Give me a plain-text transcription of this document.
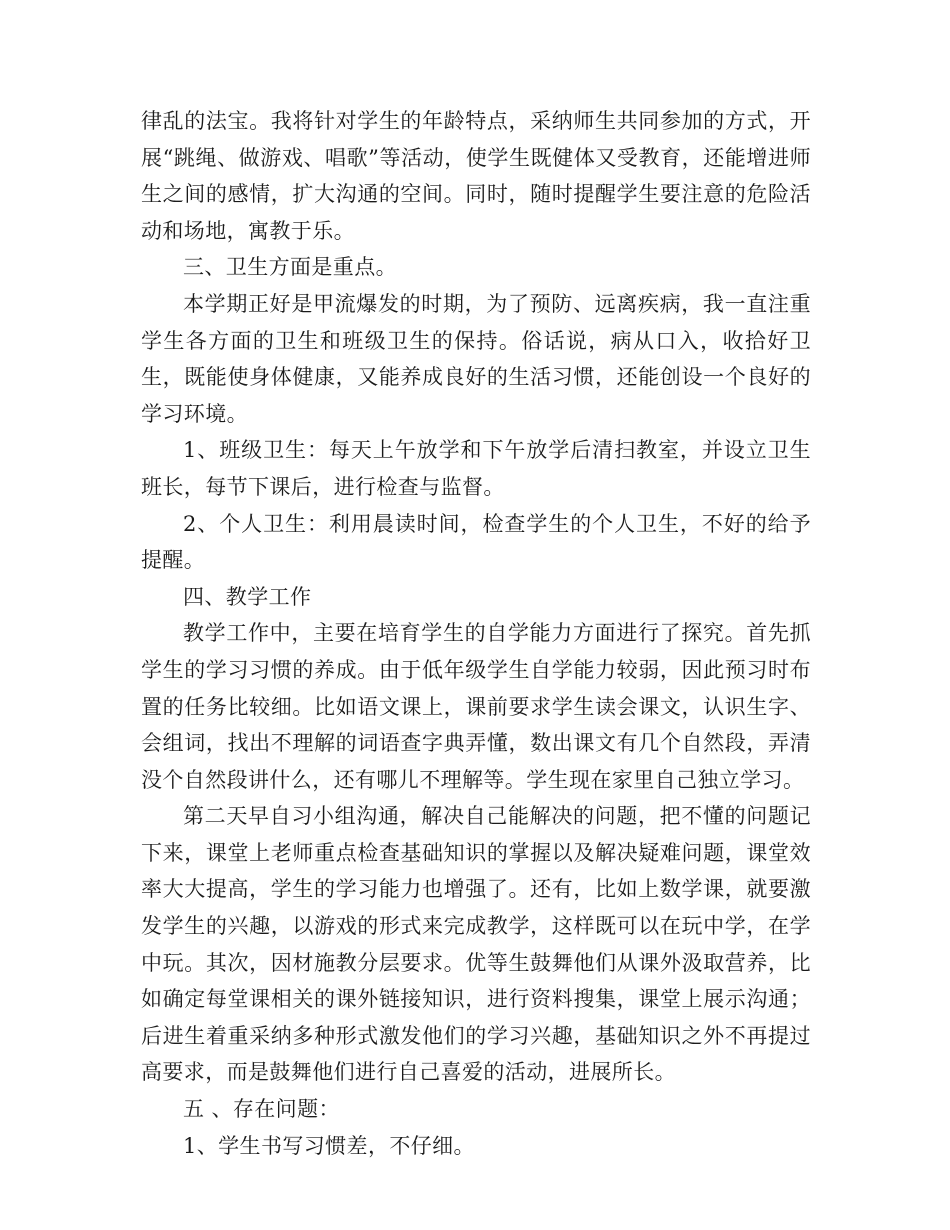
律乱的法宝。我将针对学生的年龄特点，采纳师生共同参加的方式，开展“跳绳、做游戏、唱歌”等活动，使学生既健体又受教育，还能增进师生之间的感情，扩大沟通的空间。同时，随时提醒学生要注意的危险活动和场地，寓教于乐。

三、卫生方面是重点。

本学期正好是甲流爆发的时期，为了预防、远离疾病，我一直注重学生各方面的卫生和班级卫生的保持。俗话说，病从口入，收拾好卫生，既能使身体健康，又能养成良好的生活习惯，还能创设一个良好的学习环境。

1、班级卫生：每天上午放学和下午放学后清扫教室，并设立卫生班长，每节下课后，进行检查与监督。

2、个人卫生：利用晨读时间，检查学生的个人卫生，不好的给予提醒。

四、教学工作

教学工作中，主要在培育学生的自学能力方面进行了探究。首先抓学生的学习习惯的养成。由于低年级学生自学能力较弱，因此预习时布置的任务比较细。比如语文课上，课前要求学生读会课文，认识生字、会组词，找出不理解的词语查字典弄懂，数出课文有几个自然段，弄清没个自然段讲什么，还有哪儿不理解等。学生现在家里自己独立学习。

第二天早自习小组沟通，解决自己能解决的问题，把不懂的问题记下来，课堂上老师重点检查基础知识的掌握以及解决疑难问题，课堂效率大大提高，学生的学习能力也增强了。还有，比如上数学课，就要激发学生的兴趣，以游戏的形式来完成教学，这样既可以在玩中学，在学中玩。其次，因材施教分层要求。优等生鼓舞他们从课外汲取营养，比如确定每堂课相关的课外链接知识，进行资料搜集，课堂上展示沟通；后进生着重采纳多种形式激发他们的学习兴趣，基础知识之外不再提过高要求，而是鼓舞他们进行自己喜爱的活动，进展所长。

五 、存在问题：

1、学生书写习惯差，不仔细。
